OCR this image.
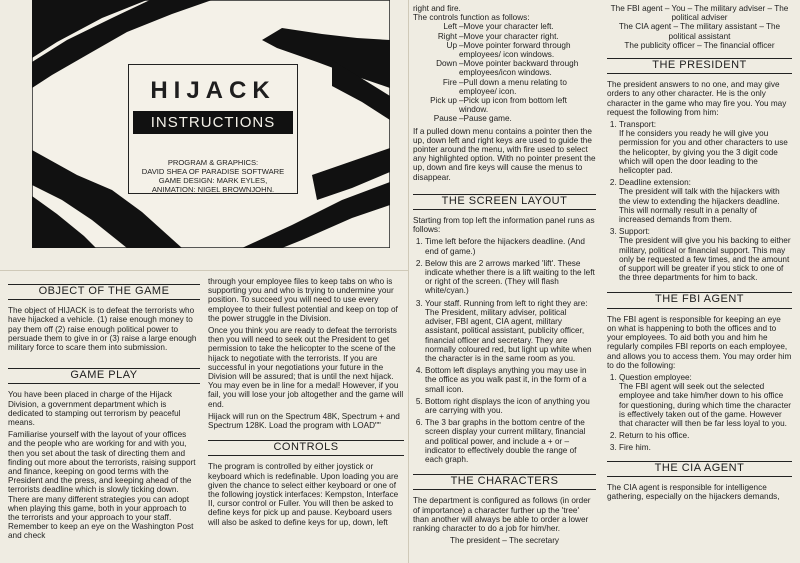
HIJACK
INSTRUCTIONS
PROGRAM & GRAPHICS:
DAVID SHEA OF PARADISE SOFTWARE
GAME DESIGN: MARK EYLES,
ANIMATION: NIGEL BROWNJOHN.
OBJECT OF THE GAME

The object of HIJACK is to defeat the terrorists who have hijacked a vehicle. (1) raise enough money to pay them off (2) raise enough political power to persuade them to give in or (3) raise a large enough military force to scare them into submission.

GAME PLAY

You have been placed in charge of the Hijack Division, a government department which is dedicated to stamping out terrorism by peaceful means.

Familiarise yourself with the layout of your offices and the people who are working for and with you, then you set about the task of directing them and finding out more about the terrorists, raising support and finance, keeping on good terms with the President and the press, and keeping ahead of the terrorists deadline which is slowly ticking down. There are many different strategies you can adopt when playing this game, both in your approach to the terrorists and your approach to your staff. Remember to keep an eye on the Washington Post and check

through your employee files to keep tabs on who is supporting you and who is trying to undermine your position. To succeed you will need to use every employee to their fullest potential and keep on top of the power struggle in the Division.

Once you think you are ready to defeat the terrorists then you will need to seek out the President to get permission to take the helicopter to the scene of the hijack to negotiate with the terrorists. If you are successful in your negotiations your future in the Division will be assured; that is until the next hijack. You may even be in line for a medal! However, if you fail, you will lose your job altogether and the game will end.

Hijack will run on the Spectrum 48K, Spectrum + and Spectrum 128K. Load the program with LOAD""

CONTROLS

The program is controlled by either joystick or keyboard which is redefinable. Upon loading you are given the chance to select either keyboard or one of the following joystick interfaces: Kempston, Interface II, cursor control or Fuller. You will then be asked to define keys for pick up and pause. Keyboard users will also be asked to define keys for up, down, left

right and fire.

The controls function as follows:

Left –Move your character left.
Right –Move your character right.
Up –Move pointer forward through employees/ icon windows.
Down –Move pointer backward through employees/icon windows.
Fire –Pull down a menu relating to employee/ icon.
Pick up –Pick up icon from bottom left window.
Pause –Pause game.

If a pulled down menu contains a pointer then the up, down left and right keys are used to guide the pointer around the menu, with fire used to select any highlighted option. With no pointer present the up, down and fire keys will cause the menus to disappear.

THE SCREEN LAYOUT

Starting from top left the information panel runs as follows:

1. Time left before the hijackers deadline. (And end of game.)
2. Below this are 2 arrows marked 'lift'. These indicate whether there is a lift waiting to the left or right of the screen. (They will flash white/cyan.)
3. Your staff. Running from left to right they are: The President, military adviser, political adviser, FBI agent, CIA agent, military assistant, political assistant, publicity officer, financial officer and secretary. They are normally coloured red, but light up white when the character is in the same room as you.
4. Bottom left displays anything you may use in the office as you walk past it, in the form of a small icon.
5. Bottom right displays the icon of anything you are carrying with you.
6. The 3 bar graphs in the bottom centre of the screen display your current military, financial and political power, and include a + or – indicator to effectively double the range of each graph.
THE CHARACTERS

The department is configured as follows (in order of importance) a character further up the 'tree' than another will always be able to order a lower ranking character to do a job for him/her.

The president – The secretary

The FBI agent – You – The military adviser – The political adviser

The CIA agent – The military assistant – The political assistant

The publicity officer – The financial officer

THE PRESIDENT

The president answers to no one, and may give orders to any other character. He is the only character in the game who may fire you. You may request the following from him:

1. Transport:
If he considers you ready he will give you permission for you and other characters to use the helicopter, by giving you the 3 digit code which will open the door leading to the helicopter pad.
2. Deadline extension:
The president will talk with the hijackers with the view to extending the hijackers deadline. This will normally result in a penalty of increased demands from them.
3. Support:
The president will give you his backing to either military, political or financial support. This may only be requested a few times, and the amount of support will be greater if you stick to one of the three departments for him to back.
THE FBI AGENT

The FBI agent is responsible for keeping an eye on what is happening to both the offices and to your employees. To aid both you and him he regularly compiles FBI reports on each employee, and allows you to access them. You may order him to do the following:

1. Question employee:
The FBI agent will seek out the selected employee and take him/her down to his office for questioning, during which time the character is effectively taken out of the game. However that character will then be far less loyal to you.
2. Return to his office.
3. Fire him.
THE CIA AGENT

The CIA agent is responsible for intelligence gathering, especially on the hijackers demands,
